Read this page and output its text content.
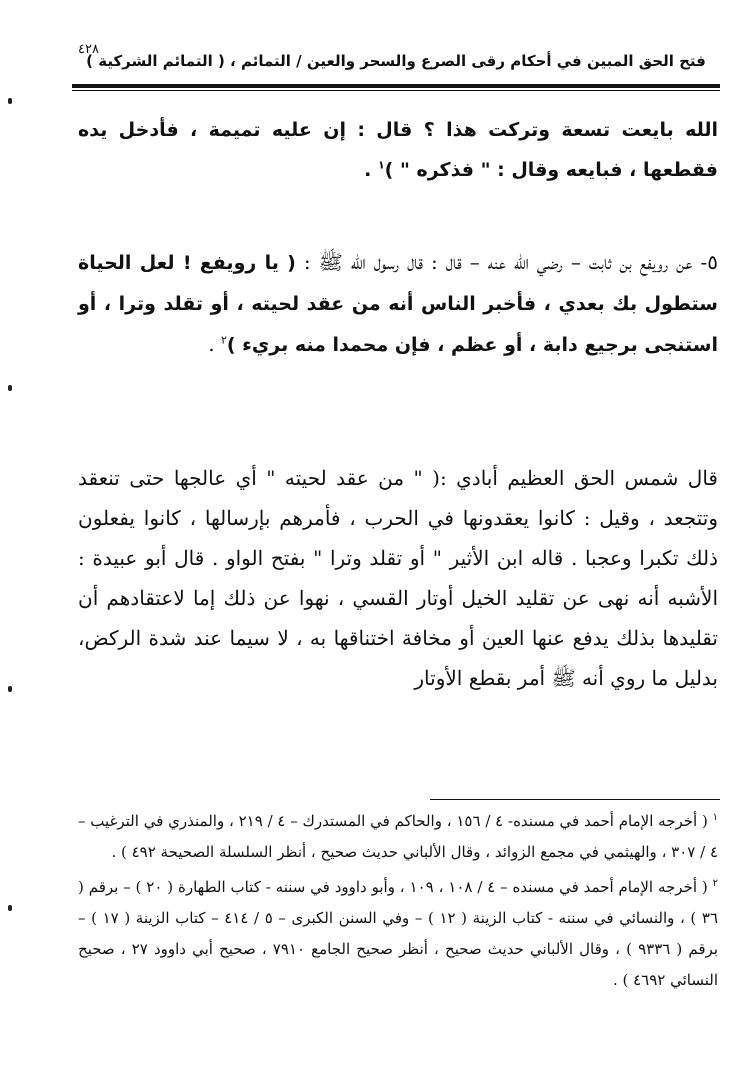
٤٢٨
فتح الحق المبين في أحكام رقى الصرع والسحر والعين / التمائم ، ( التمائم الشركية )

الله بايعت تسعة وتركت هذا ؟ قال : إن عليه تميمة ، فأدخل يده فقطعها ، فبايعه وقال : " فذكره " )$^١$ .

٥- عن رويفع بن ثابت – رضي الله عنه – قال : قال رسول الله ﷺ : ( يا رويفع ! لعل الحياة ستطول بك بعدي ، فأخبر الناس أنه من عقد لحيته ، أو تقلد وترا ، أو استنجى برجيع دابة ، أو عظم ، فإن محمدا منه بريء )$^٢$ .

قال شمس الحق العظيم أبادي :( " من عقد لحيته " أي عالجها حتى تنعقد وتتجعد ، وقيل : كانوا يعقدونها في الحرب ، فأمرهم بإرسالها ، كانوا يفعلون ذلك تكبرا وعجبا . قاله ابن الأثير " أو تقلد وترا " بفتح الواو . قال أبو عبيدة : الأشبه أنه نهى عن تقليد الخيل أوتار القسي ، نهوا عن ذلك إما لاعتقادهم أن تقليدها بذلك يدفع عنها العين أو مخافة اختناقها به ، لا سيما عند شدة الركض، بدليل ما روي أنه ﷺ أمر بقطع الأوتار

$^١$ ( أخرجه الإمام أحمد في مسنده- ٤ / ١٥٦ ، والحاكم في المستدرك – ٤ / ٢١٩ ، والمنذري في الترغيب – ٤ / ٣٠٧ ، والهيثمي في مجمع الزوائد ، وقال الألباني حديث صحيح ، أنظر السلسلة الصحيحة ٤٩٢ ) .

$^٢$ ( أخرجه الإمام أحمد في مسنده – ٤ / ١٠٨ ، ١٠٩ ، وأبو داوود في سننه - كتاب الطهارة ( ٢٠ ) – برقم ( ٣٦ ) ، والنسائي في سننه - كتاب الزينة ( ١٢ ) – وفي السنن الكبرى – ٥ / ٤١٤ – كتاب الزينة ( ١٧ ) – برقم ( ٩٣٣٦ ) ، وقال الألباني حديث صحيح ، أنظر صحيح الجامع ٧٩١٠ ، صحيح أبي داوود ٢٧ ، صحيح النسائي ٤٦٩٢ ) .
